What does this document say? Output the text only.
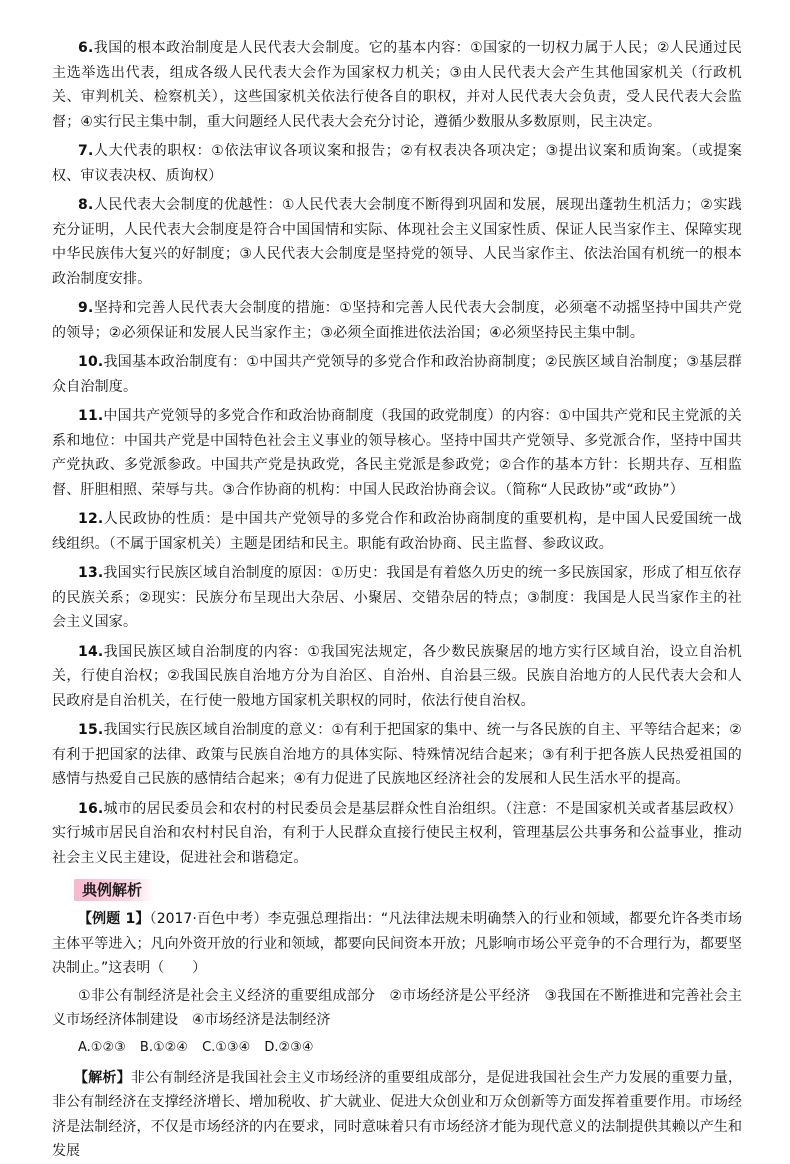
6.我国的根本政治制度是人民代表大会制度。它的基本内容：①国家的一切权力属于人民；②人民通过民主选举选出代表，组成各级人民代表大会作为国家权力机关；③由人民代表大会产生其他国家机关（行政机关、审判机关、检察机关），这些国家机关依法行使各自的职权，并对人民代表大会负责，受人民代表大会监督；④实行民主集中制，重大问题经人民代表大会充分讨论，遵循少数服从多数原则，民主决定。

7.人大代表的职权：①依法审议各项议案和报告；②有权表决各项决定；③提出议案和质询案。（或提案权、审议表决权、质询权）

8.人民代表大会制度的优越性：①人民代表大会制度不断得到巩固和发展，展现出蓬勃生机活力；②实践充分证明，人民代表大会制度是符合中国国情和实际、体现社会主义国家性质、保证人民当家作主、保障实现中华民族伟大复兴的好制度；③人民代表大会制度是坚持党的领导、人民当家作主、依法治国有机统一的根本政治制度安排。

9.坚持和完善人民代表大会制度的措施：①坚持和完善人民代表大会制度，必须毫不动摇坚持中国共产党的领导；②必须保证和发展人民当家作主；③必须全面推进依法治国；④必须坚持民主集中制。

10.我国基本政治制度有：①中国共产党领导的多党合作和政治协商制度；②民族区域自治制度；③基层群众自治制度。

11.中国共产党领导的多党合作和政治协商制度（我国的政党制度）的内容：①中国共产党和民主党派的关系和地位：中国共产党是中国特色社会主义事业的领导核心。坚持中国共产党领导、多党派合作，坚持中国共产党执政、多党派参政。中国共产党是执政党，各民主党派是参政党；②合作的基本方针：长期共存、互相监督、肝胆相照、荣辱与共。③合作协商的机构：中国人民政治协商会议。（简称“人民政协”或“政协”）

12.人民政协的性质：是中国共产党领导的多党合作和政治协商制度的重要机构，是中国人民爱国统一战线组织。（不属于国家机关）主题是团结和民主。职能有政治协商、民主监督、参政议政。

13.我国实行民族区域自治制度的原因：①历史：我国是有着悠久历史的统一多民族国家，形成了相互依存的民族关系；②现实：民族分布呈现出大杂居、小聚居、交错杂居的特点；③制度：我国是人民当家作主的社会主义国家。

14.我国民族区域自治制度的内容：①我国宪法规定，各少数民族聚居的地方实行区域自治，设立自治机关，行使自治权；②我国民族自治地方分为自治区、自治州、自治县三级。民族自治地方的人民代表大会和人民政府是自治机关，在行使一般地方国家机关职权的同时，依法行使自治权。

15.我国实行民族区域自治制度的意义：①有利于把国家的集中、统一与各民族的自主、平等结合起来；②有利于把国家的法律、政策与民族自治地方的具体实际、特殊情况结合起来；③有利于把各族人民热爱祖国的感情与热爱自己民族的感情结合起来；④有力促进了民族地区经济社会的发展和人民生活水平的提高。

16.城市的居民委员会和农村的村民委员会是基层群众性自治组织。（注意：不是国家机关或者基层政权）实行城市居民自治和农村村民自治，有利于人民群众直接行使民主权利，管理基层公共事务和公益事业，推动社会主义民主建设，促进社会和谐稳定。

典例解析

【例题 1】（2017·百色中考）李克强总理指出：“凡法律法规未明确禁入的行业和领域，都要允许各类市场主体平等进入；凡向外资开放的行业和领域，都要向民间资本开放；凡影响市场公平竞争的不合理行为，都要坚决制止。”这表明（　　）

①非公有制经济是社会主义经济的重要组成部分　②市场经济是公平经济　③我国在不断推进和完善社会主义市场经济体制建设　④市场经济是法制经济

A.①②③ B.①②④ C.①③④ D.②③④

【解析】非公有制经济是我国社会主义市场经济的重要组成部分，是促进我国社会生产力发展的重要力量，非公有制经济在支撑经济增长、增加税收、扩大就业、促进大众创业和万众创新等方面发挥着重要作用。市场经济是法制经济，不仅是市场经济的内在要求，同时意味着只有市场经济才能为现代意义的法制提供其赖以产生和发展
